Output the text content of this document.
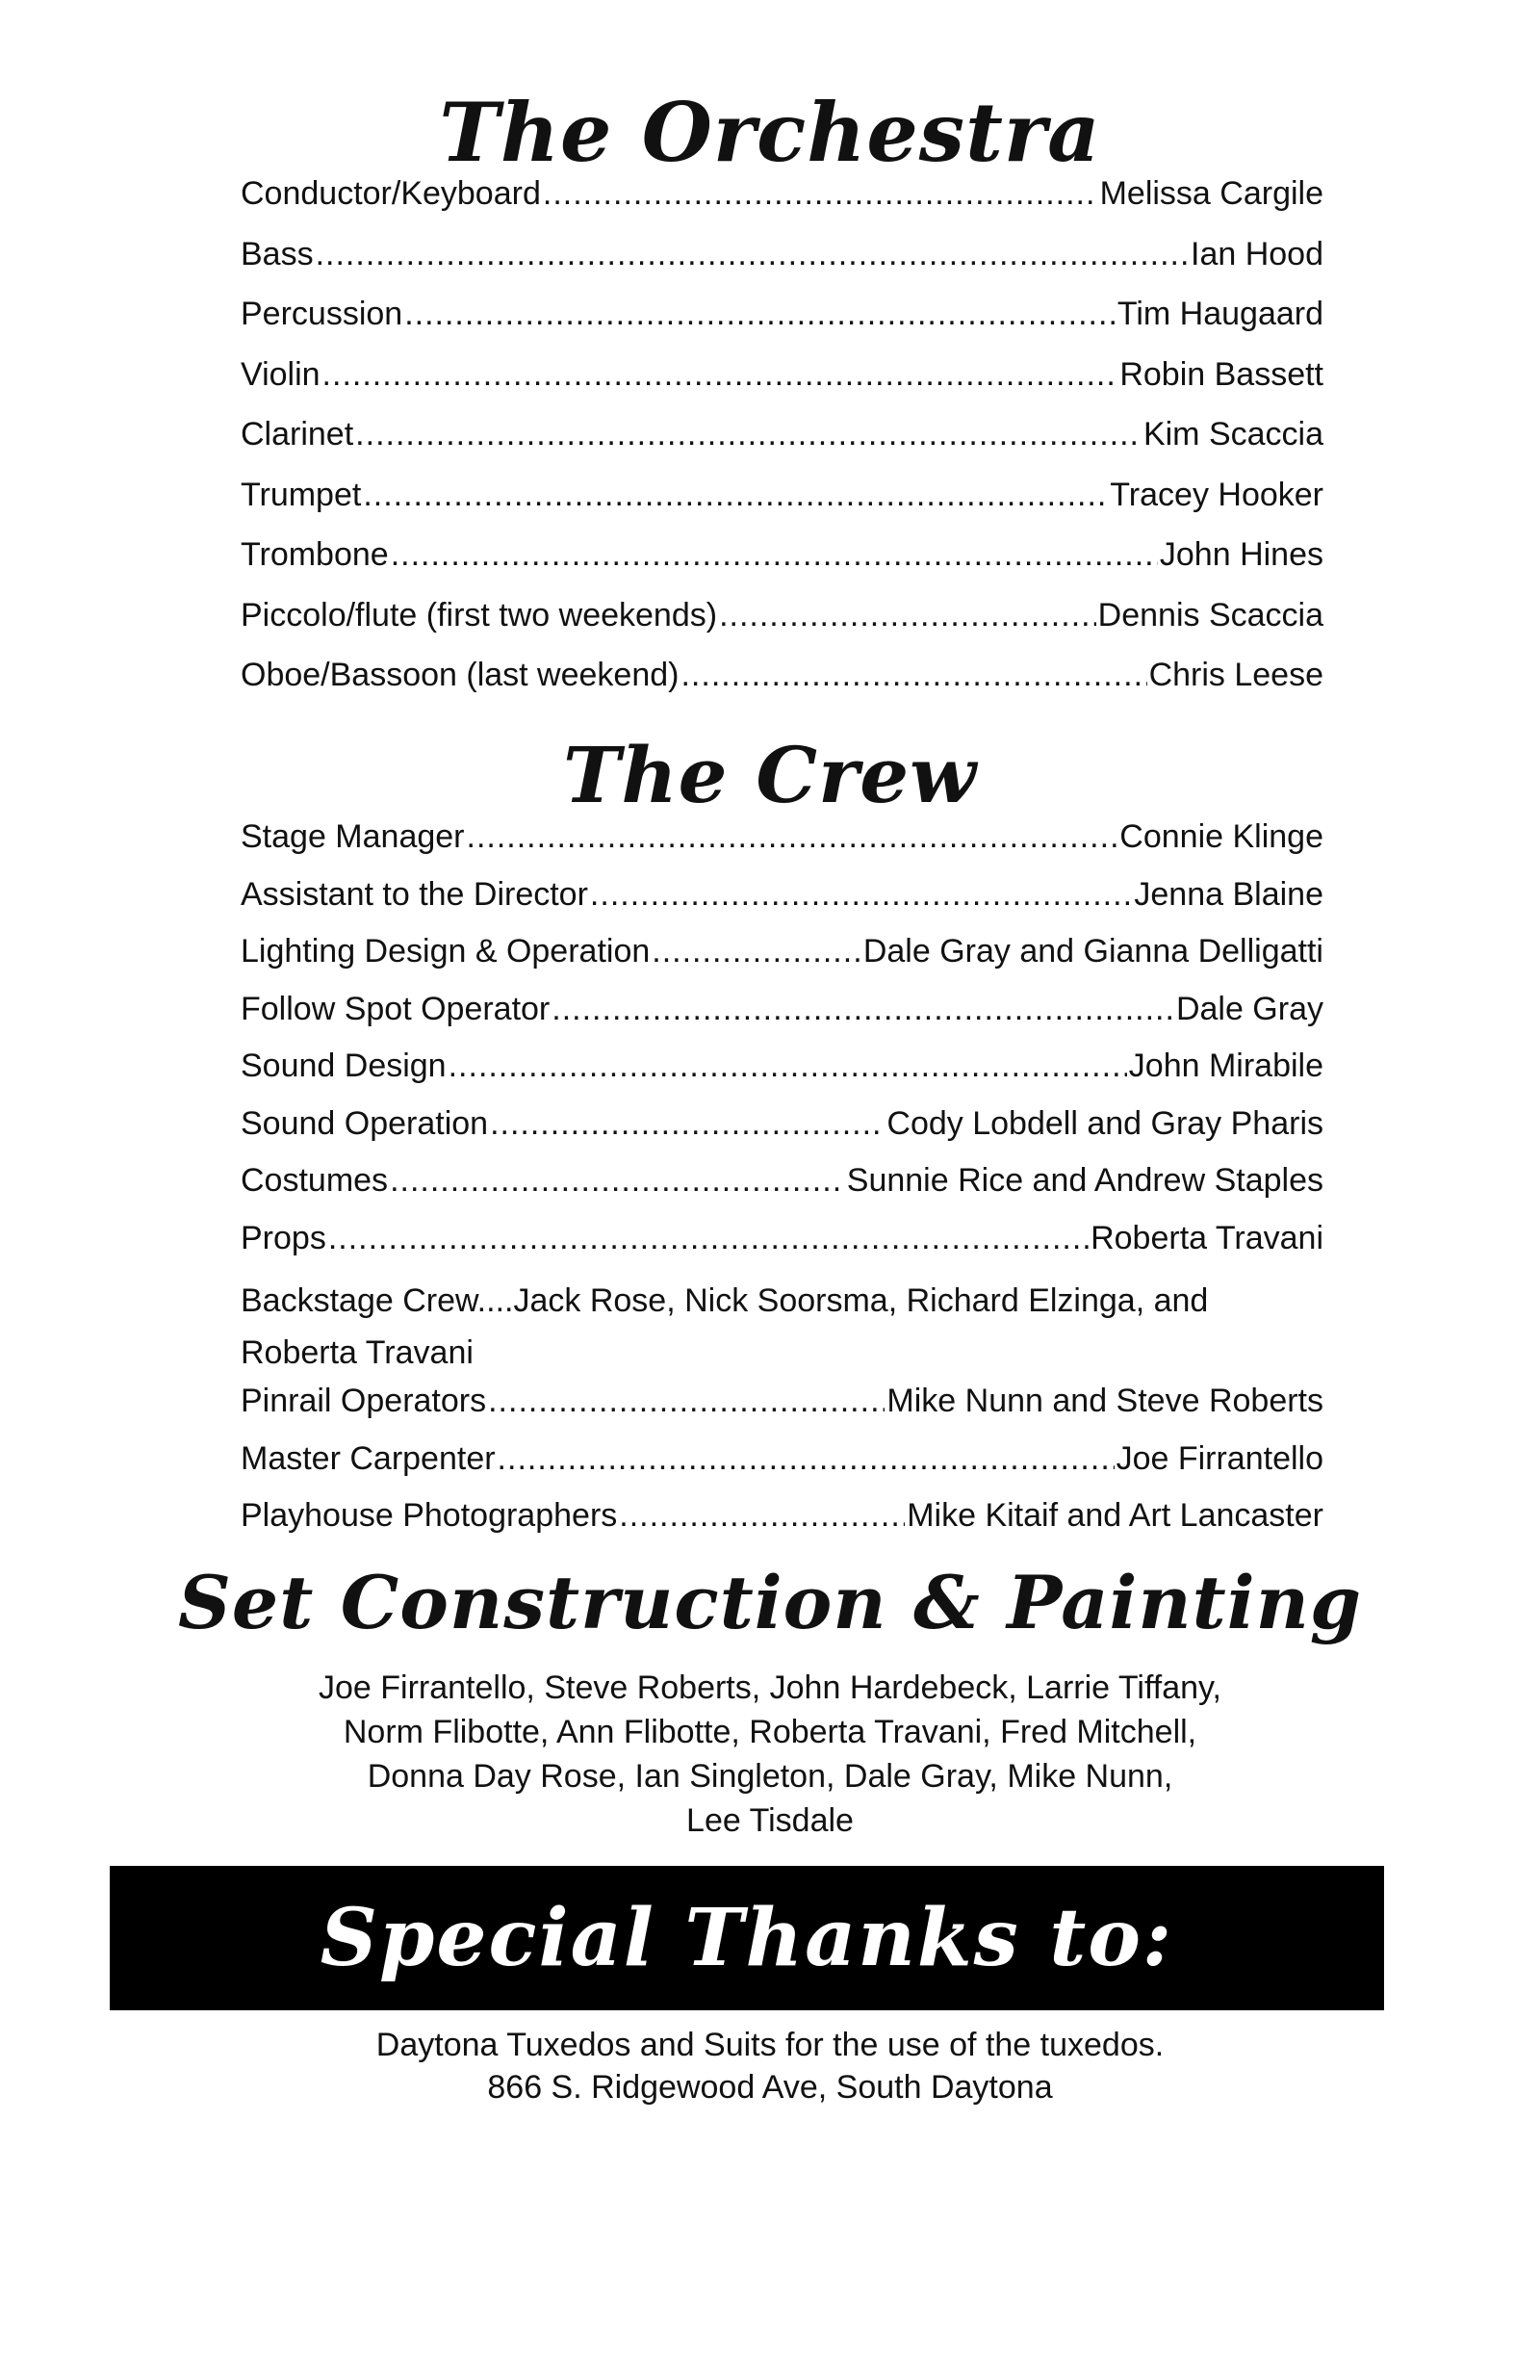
The Orchestra
Conductor/Keyboard .....	Melissa Cargile
Bass .....	Ian Hood
Percussion .....	Tim Haugaard
Violin .....	Robin Bassett
Clarinet .....	Kim Scaccia
Trumpet .....	Tracey Hooker
Trombone .....	John Hines
Piccolo/flute (first two weekends) .....	Dennis Scaccia
Oboe/Bassoon (last weekend) .....	Chris Leese
The Crew
Stage Manager .....	Connie Klinge
Assistant to the Director .....	Jenna Blaine
Lighting Design & Operation .....	Dale Gray and Gianna Delligatti
Follow Spot Operator .....	Dale Gray
Sound Design .....	John Mirabile
Sound Operation .....	Cody Lobdell and Gray Pharis
Costumes .....	Sunnie Rice and Andrew Staples
Props .....	Roberta Travani
Backstage Crew .... Jack Rose, Nick Soorsma, Richard Elzinga, and Roberta Travani
Pinrail Operators .....	Mike Nunn and Steve Roberts
Master Carpenter .....	Joe Firrantello
Playhouse Photographers .....	Mike Kitaif and Art Lancaster
Set Construction & Painting
Joe Firrantello, Steve Roberts, John Hardebeck, Larrie Tiffany,
Norm Flibotte, Ann Flibotte, Roberta Travani, Fred Mitchell,
Donna Day Rose, Ian Singleton, Dale Gray, Mike Nunn,
Lee Tisdale
Special Thanks to:
Daytona Tuxedos and Suits for the use of the tuxedos.
866 S. Ridgewood Ave, South Daytona
